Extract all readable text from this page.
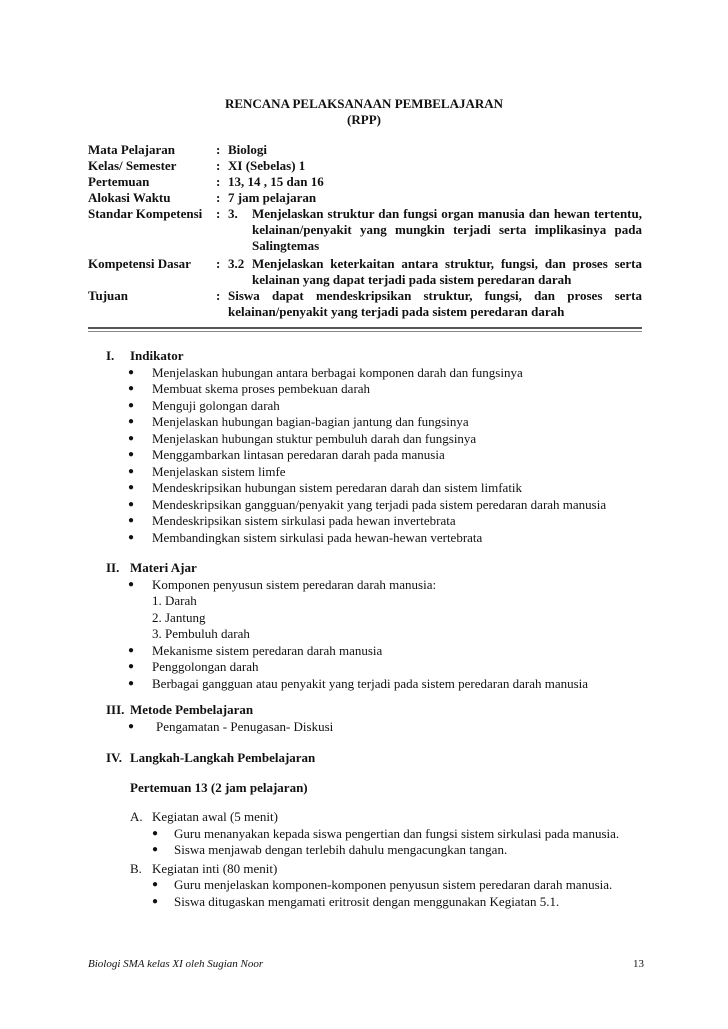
RENCANA PELAKSANAAN PEMBELAJARAN
(RPP)
Mata Pelajaran	: Biologi
Kelas/ Semester	: XI (Sebelas) 1
Pertemuan	: 13, 14 , 15 dan 16
Alokasi Waktu	: 7 jam pelajaran
Standar Kompetensi	: 3.	Menjelaskan struktur dan fungsi organ manusia dan hewan tertentu, kelainan/penyakit yang mungkin terjadi serta implikasinya pada Salingtemas
Kompetensi Dasar	: 3.2 Menjelaskan keterkaitan antara struktur, fungsi, dan proses serta kelainan yang dapat terjadi pada sistem peredaran darah
Tujuan	: Siswa dapat mendeskripsikan struktur, fungsi, dan proses serta kelainan/penyakit yang terjadi pada sistem peredaran darah
I. Indikator
● Menjelaskan hubungan antara berbagai komponen darah dan fungsinya
● Membuat skema proses pembekuan darah
● Menguji golongan darah
● Menjelaskan hubungan bagian-bagian jantung dan fungsinya
● Menjelaskan hubungan stuktur pembuluh darah dan fungsinya
● Menggambarkan lintasan peredaran darah pada manusia
● Menjelaskan sistem limfe
● Mendeskripsikan hubungan sistem peredaran darah dan sistem limfatik
● Mendeskripsikan gangguan/penyakit yang terjadi pada sistem peredaran darah manusia
● Mendeskripsikan sistem sirkulasi pada hewan invertebrata
● Membandingkan sistem sirkulasi pada hewan-hewan vertebrata
II. Materi Ajar
● Komponen penyusun sistem peredaran darah manusia:
1. Darah
2. Jantung
3. Pembuluh darah
● Mekanisme sistem peredaran darah manusia
● Penggolongan darah
● Berbagai gangguan atau penyakit yang terjadi pada sistem peredaran darah manusia
III. Metode Pembelajaran
● Pengamatan - Penugasan- Diskusi
IV. Langkah-Langkah Pembelajaran
Pertemuan 13 (2 jam pelajaran)
A. Kegiatan awal (5 menit)
● Guru menanyakan kepada siswa pengertian dan fungsi sistem sirkulasi pada manusia.
● Siswa menjawab dengan terlebih dahulu mengacungkan tangan.
B. Kegiatan inti (80 menit)
● Guru menjelaskan komponen-komponen penyusun sistem peredaran darah manusia.
● Siswa ditugaskan mengamati eritrosit dengan menggunakan Kegiatan 5.1.
Biologi SMA kelas XI oleh Sugian Noor	13
